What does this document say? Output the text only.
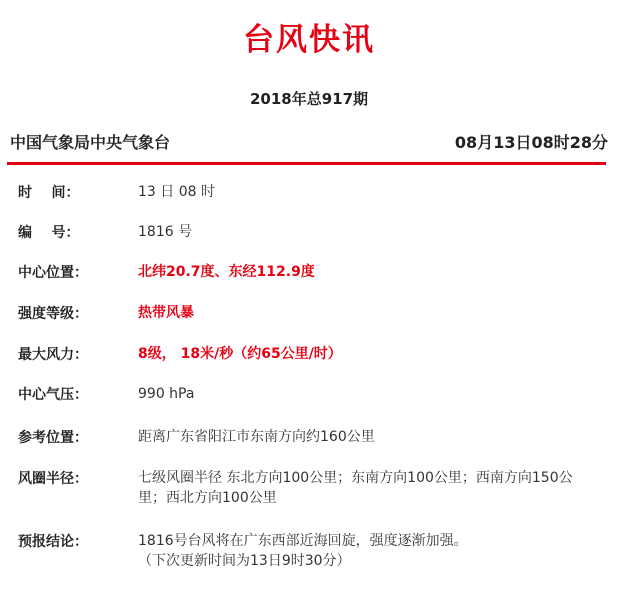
台风快讯
2018年总917期
中国气象局中央气象台	08月13日08时28分
时    间：	13 日 08 时
编    号：	1816 号
中心位置：	北纬20.7度、东经112.9度
强度等级：	热带风暴
最大风力：	8级， 18米/秒（约65公里/时）
中心气压：	990 hPa
参考位置：	距离广东省阳江市东南方向约160公里
风圈半径：	七级风圈半径 东北方向100公里；东南方向100公里；西南方向150公里；西北方向100公里
预报结论：	1816号台风将在广东西部近海回旋，强度逐渐加强。
（下次更新时间为13日9时30分）
